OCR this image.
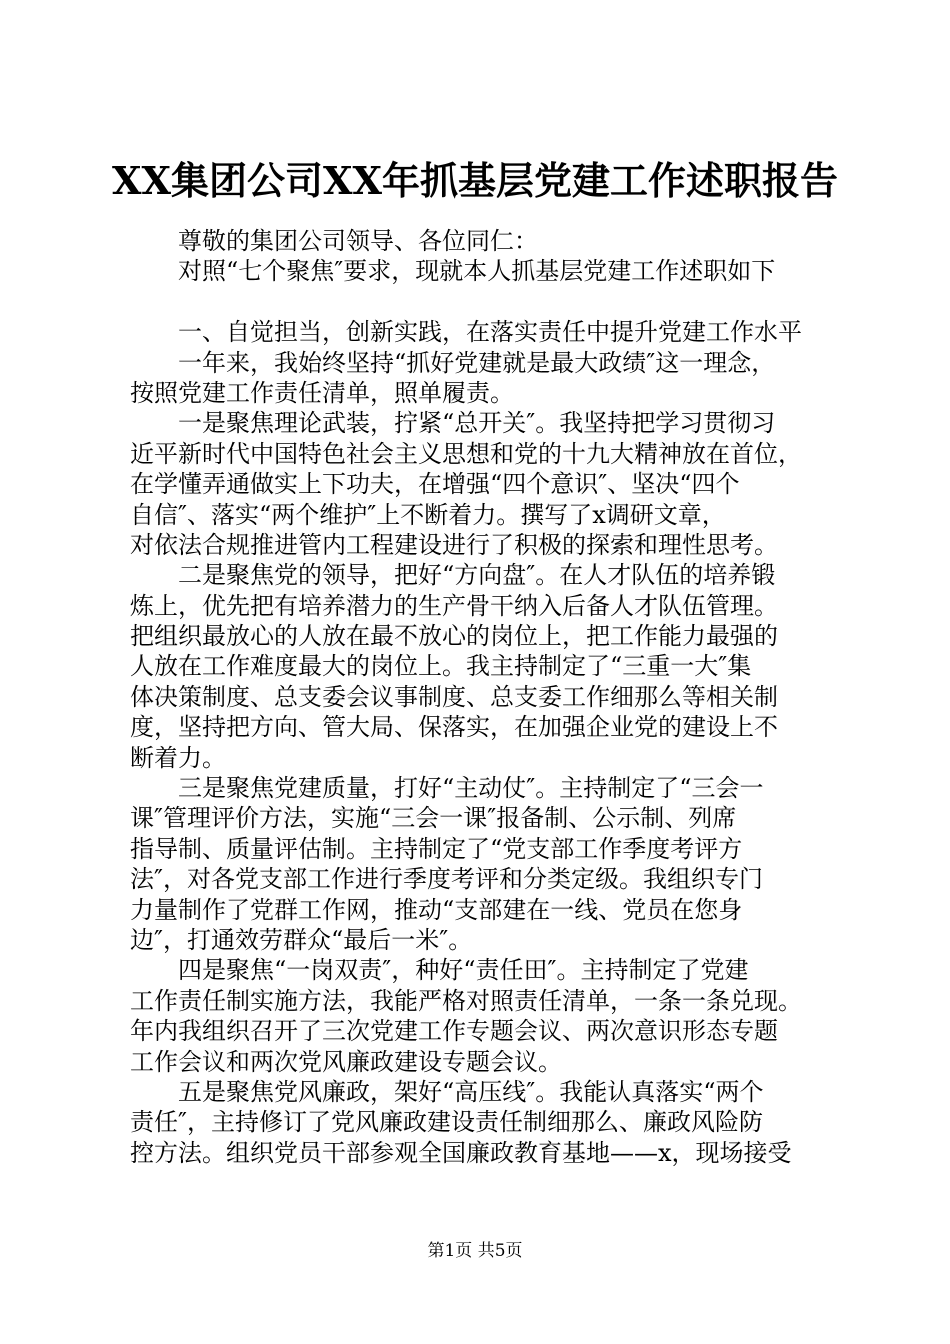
XX集团公司XX年抓基层党建工作述职报告
尊敬的集团公司领导、各位同仁：
对照“七个聚焦″要求，现就本人抓基层党建工作述职如下
一、自觉担当，创新实践，在落实责任中提升党建工作水平
一年来，我始终坚持“抓好党建就是最大政绩″这一理念，
按照党建工作责任清单，照单履责。
一是聚焦理论武装，拧紧“总开关″。我坚持把学习贯彻习
近平新时代中国特色社会主义思想和党的十九大精神放在首位，
在学懂弄通做实上下功夫，在增强“四个意识″、坚决“四个
自信″、落实“两个维护″上不断着力。撰写了x调研文章，
对依法合规推进管内工程建设进行了积极的探索和理性思考。
二是聚焦党的领导，把好“方向盘″。在人才队伍的培养锻
炼上，优先把有培养潜力的生产骨干纳入后备人才队伍管理。
把组织最放心的人放在最不放心的岗位上，把工作能力最强的
人放在工作难度最大的岗位上。我主持制定了“三重一大″集
体决策制度、总支委会议事制度、总支委工作细那么等相关制
度，坚持把方向、管大局、保落实，在加强企业党的建设上不
断着力。
三是聚焦党建质量，打好“主动仗″。主持制定了“三会一
课″管理评价方法，实施“三会一课″报备制、公示制、列席
指导制、质量评估制。主持制定了“党支部工作季度考评方
法″，对各党支部工作进行季度考评和分类定级。我组织专门
力量制作了党群工作网，推动“支部建在一线、党员在您身
边″，打通效劳群众“最后一米″。
四是聚焦“一岗双责″，种好“责任田″。主持制定了党建
工作责任制实施方法，我能严格对照责任清单，一条一条兑现。
年内我组织召开了三次党建工作专题会议、两次意识形态专题
工作会议和两次党风廉政建设专题会议。
五是聚焦党风廉政，架好“高压线″。我能认真落实“两个
责任″，主持修订了党风廉政建设责任制细那么、廉政风险防
控方法。组织党员干部参观全国廉政教育基地——x，现场接受
第1页 共5页
